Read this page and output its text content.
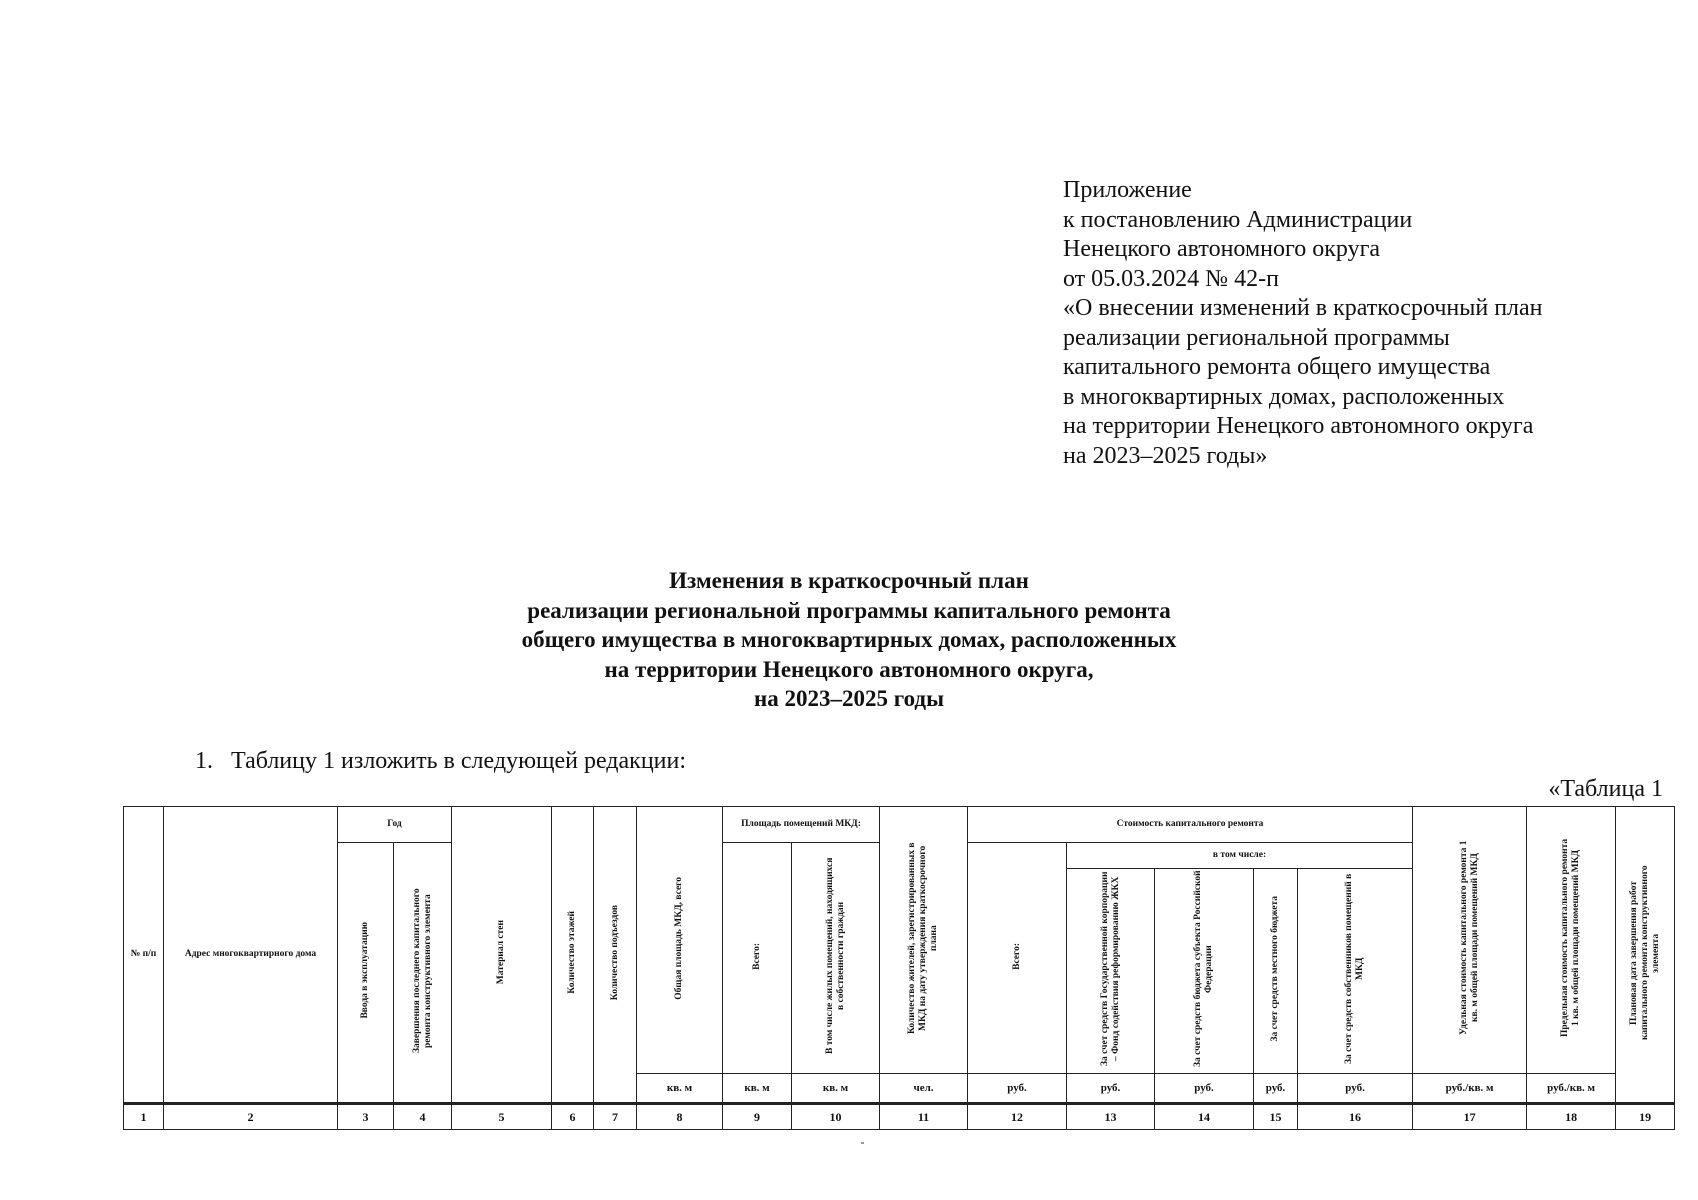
Приложение
к постановлению Администрации
Ненецкого автономного округа
от 05.03.2024 № 42-п
«О внесении изменений в краткосрочный план
реализации региональной программы
капитального ремонта общего имущества
в многоквартирных домах, расположенных
на территории Ненецкого автономного округа
на 2023–2025 годы»
Изменения в краткосрочный план
реализации региональной программы капитального ремонта
общего имущества в многоквартирных домах, расположенных
на территории Ненецкого автономного округа,
на 2023–2025 годы
1. Таблицу 1 изложить в следующей редакции:
«Таблица 1
№ п/п	Адрес многоквартирного дома	Год		Материал стен	Количество этажей	Количество подъездов	Общая площадь МКД, всего	Площадь помещений МКД:		Количество жителей, зарегистрированных в МКД на дату утверждения краткосрочного плана	Стоимость капитального ремонта					Удельная стоимость капитального ремонта 1 кв. м общей площади помещений МКД	Предельная стоимость капитального ремонта 1 кв. м общей площади помещений МКД	Плановая дата завершения работ капитального ремонта конструктивного элемента
		Ввода в эксплуатацию	Завершения последнего капитального ремонта конструктивного элемента					Всего:	В том числе жилых помещений, находящихся в собственности граждан		Всего:	в том числе:						
												За счет средств Государственной корпорации – Фонд содействия реформированию ЖКХ	За счет средств бюджета субъекта Российской Федерации	За счет средств местного бюджета	За счет средств собственников помещений в МКД			
							кв. м	кв. м	кв. м	чел.	руб.	руб.	руб.	руб.	руб.	руб./кв. м	руб./кв. м	
1	2	3	4	5	6	7	8	9	10	11	12	13	14	15	16	17	18	19
